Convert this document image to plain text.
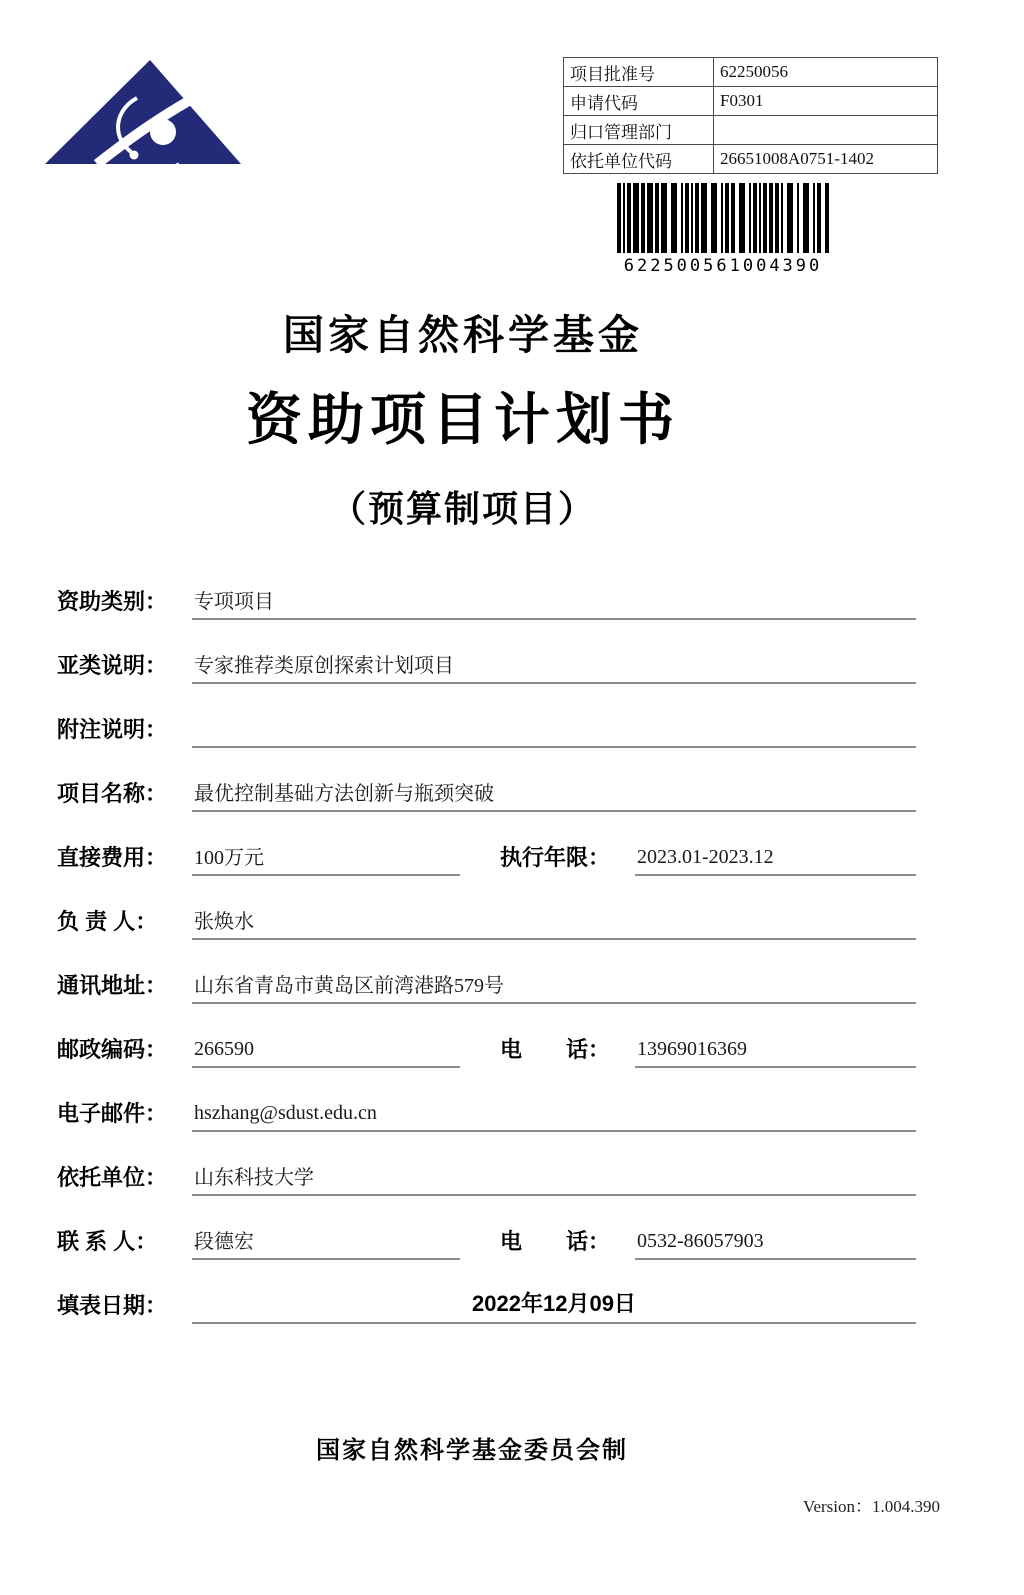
项目批准号	62250056
申请代码	F0301
归口管理部门	
依托单位代码	26651008A0751-1402
622500561004390
国家自然科学基金
资助项目计划书
（预算制项目）
资助类别：	专项项目
亚类说明：	专家推荐类原创探索计划项目
附注说明：
项目名称：	最优控制基础方法创新与瓶颈突破
直接费用：	100万元	执行年限：	2023.01-2023.12
负 责 人：	张焕水
通讯地址：	山东省青岛市黄岛区前湾港路579号
邮政编码：	266590	电　　话：	13969016369
电子邮件：	hszhang@sdust.edu.cn
依托单位：	山东科技大学
联 系 人：	段德宏	电　　话：	0532-86057903
填表日期：	2022年12月09日
国家自然科学基金委员会制
Version：1.004.390
